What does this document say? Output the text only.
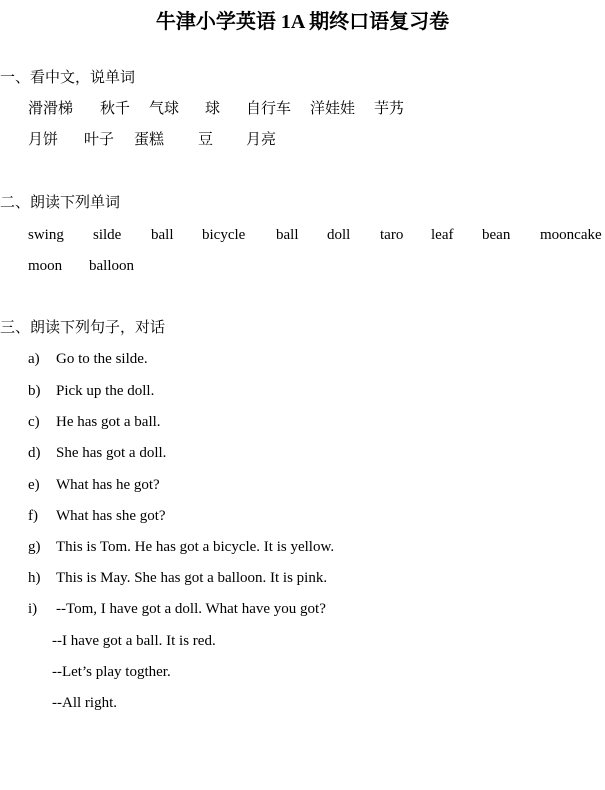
牛津小学英语 1A 期终口语复习卷
一、看中文，说单词
滑滑梯 秋千 气球 球 自行车 洋娃娃 芋艿
月饼 叶子 蛋糕 豆 月亮
二、朗读下列单词
swing silde ball bicycle ball doll taro leaf bean mooncake
moon balloon
三、朗读下列句子，对话
a) Go to the silde.
b) Pick up the doll.
c) He has got a ball.
d) She has got a doll.
e) What has he got?
f) What has she got?
g) This is Tom. He has got a bicycle. It is yellow.
h) This is May. She has got a balloon. It is pink.
i) --Tom, I have got a doll. What have you got?
--I have got a ball. It is red.
--Let’s play togther.
--All right.
